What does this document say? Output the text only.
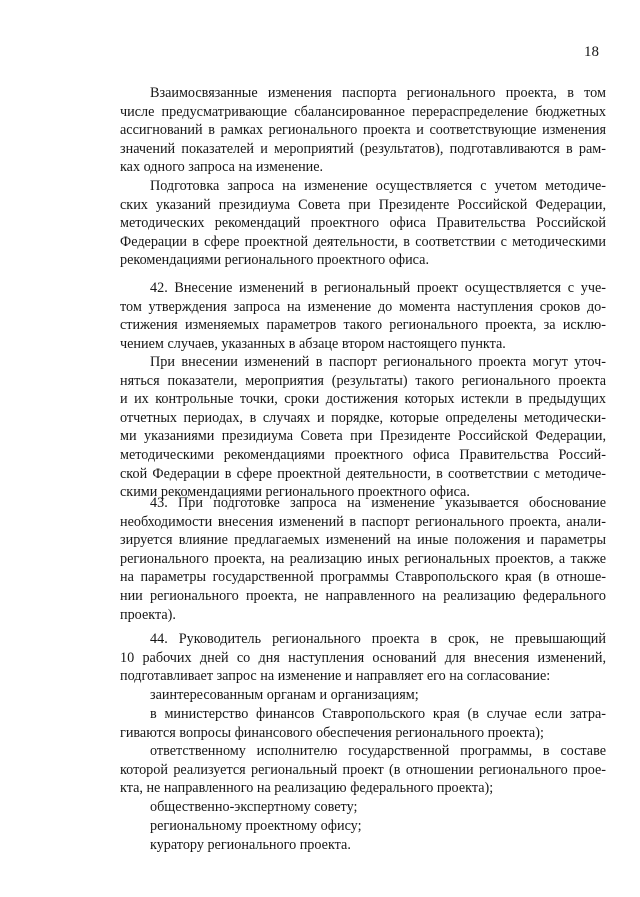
18
Взаимосвязанные изменения паспорта регионального проекта, в том
числе предусматривающие сбалансированное перераспределение бюджетных
ассигнований в рамках регионального проекта и соответствующие изменения
значений показателей и мероприятий (результатов), подготавливаются в рам-
ках одного запроса на изменение.
Подготовка запроса на изменение осуществляется с учетом методиче-
ских указаний президиума Совета при Президенте Российской Федерации,
методических рекомендаций проектного офиса Правительства Российской
Федерации в сфере проектной деятельности, в соответствии с методическими
рекомендациями регионального проектного офиса.
42. Внесение изменений в региональный проект осуществляется с уче-
том утверждения запроса на изменение до момента наступления сроков до-
стижения изменяемых параметров такого регионального проекта, за исклю-
чением случаев, указанных в абзаце втором настоящего пункта.
При внесении изменений в паспорт регионального проекта могут уточ-
няться показатели, мероприятия (результаты) такого регионального проекта
и их контрольные точки, сроки достижения которых истекли в предыдущих
отчетных периодах, в случаях и порядке, которые определены методически-
ми указаниями президиума Совета при Президенте Российской Федерации,
методическими рекомендациями проектного офиса Правительства Россий-
ской Федерации в сфере проектной деятельности, в соответствии с методиче-
скими рекомендациями регионального проектного офиса.
43. При подготовке запроса на изменение указывается обоснование
необходимости внесения изменений в паспорт регионального проекта, анали-
зируется влияние предлагаемых изменений на иные положения и параметры
регионального проекта, на реализацию иных региональных проектов, а также
на параметры государственной программы Ставропольского края (в отноше-
нии регионального проекта, не направленного на реализацию федерального
проекта).
44. Руководитель регионального проекта в срок, не превышающий
10 рабочих дней со дня наступления оснований для внесения изменений,
подготавливает запрос на изменение и направляет его на согласование:
заинтересованным органам и организациям;
в министерство финансов Ставропольского края (в случае если затра-
гиваются вопросы финансового обеспечения регионального проекта);
ответственному исполнителю государственной программы, в составе
которой реализуется региональный проект (в отношении регионального прое-
кта, не направленного на реализацию федерального проекта);
общественно-экспертному совету;
региональному проектному офису;
куратору регионального проекта.
